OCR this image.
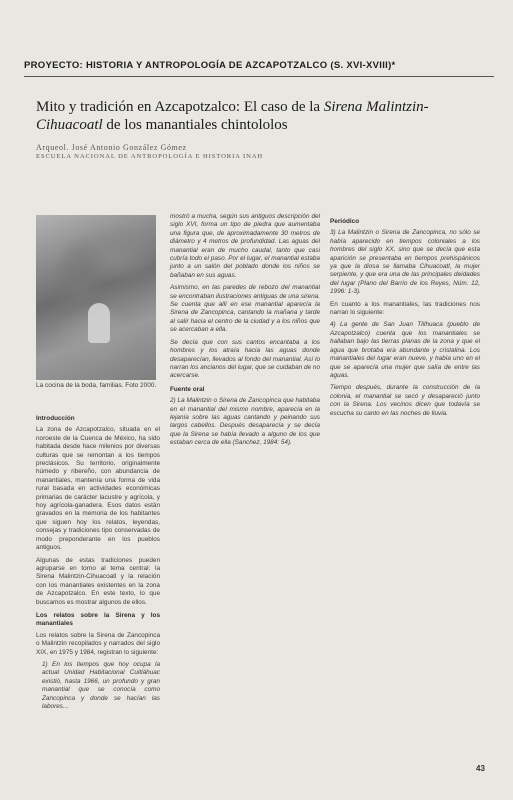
PROYECTO: HISTORIA Y ANTROPOLOGÍA DE AZCAPOTZALCO (S. XVI-XVIII)*
Mito y tradición en Azcapotzalco: El caso de la Sirena Malintzin-Cihuacoatl de los manantiales chintololos
Arqueol. José Antonio González Gómez
ESCUELA NACIONAL DE ANTROPOLOGÍA E HISTORIA INAH
La cocina de la boda, familias. Foto 2000.

Introducción

La zona de Azcapotzalco, situada en el noroeste de la Cuenca de México, ha sido habitada desde hace milenios por diversas culturas que se remontan a los tiempos preclásicos. Su territorio, originalmente húmedo y ribereño, con abundancia de manantiales, mantenía una forma de vida rural basada en actividades económicas primarias de carácter lacustre y agrícola, y hoy agrícola-ganadera. Esos datos están gravados en la memoria de los habitantes que siguen hoy los relatos, leyendas, consejas y tradiciones tipo conservadas de modo preponderante en los pueblos antiguos.

Algunas de estas tradiciones pueden agruparse en torno al tema central: la Sirena Malintzin-Cihuacoatl y la relación con los manantiales existentes en la zona de Azcapotzalco. En este texto, lo que buscamos es mostrar algunos de ellos.

Los relatos sobre la Sirena y los manantiales

Los relatos sobre la Sirena de Zancopinca o Malintzin recopilados y narrados del siglo XIX, en 1975 y 1984, registran lo siguiente:

1) En los tiempos que hoy ocupa la actual Unidad Habitacional Cuitláhuac existió, hasta 1966, un profundo y gran manantial que se conocía como Zancopinca y donde se hacían las labores...

mostró a mucha, según sus antiguos descripción del siglo XVI, forma un tipo de piedra que aumentaba una figura que, de aproximadamente 30 metros de diámetro y 4 metros de profundidad. Las aguas del manantial eran de mucho caudal, tanto que casi cubría todo el paso. Por el lugar, el manantial estaba junto a un salón del poblado donde los niños se bañaban en sus aguas.

Asimismo, en las paredes de rebozo del manantial se encontraban ilustraciones antiguas de una sirena. Se cuenta que allí en ese manantial aparecía la Sirena de Zancopinca, cantando la mañana y tarde al salir hacia el centro de la ciudad y a los niños que se acercaban a ella.

Se decía que con sus cantos encantaba a los hombres y los atraía hacia las aguas donde desaparecían, llevados al fondo del manantial. Así lo narran los ancianos del lugar, que se cuidaban de no acercarse.

Fuente oral

2) La Malintzin o Sirena de Zancopinca que habitaba en el manantial del mismo nombre, aparecía en la lejanía sobre las aguas cantando y peinando sus largos cabellos. Después desaparecía y se decía que la Sirena se había llevado a alguno de los que estaban cerca de ella (Sanchez, 1984: 54).

Periódico

3) La Malintzin o Sirena de Zancopinca, no sólo se había aparecido en tiempos coloniales a los hombres del siglo XX, sino que se decía que esta aparición se presentaba en tiempos prehispánicos ya que la diosa se llamaba Cihuacoatl, la mujer serpiente, y que era una de las principales deidades del lugar (Plano del Barrio de los Reyes, Núm. 12, 1996: 1-3).

En cuanto a los manantiales, las tradiciones nos narran lo siguiente:

4) La gente de San Juan Tlilhuaca (pueblo de Azcapotzalco) cuenta que los manantiales se hallaban bajo las tierras planas de la zona y que el agua que brotaba era abundante y cristalina. Los manantiales del lugar eran nueve, y había uno en el que se aparecía una mujer que salía de entre las aguas.

Tiempo después, durante la construcción de la colonia, el manantial se secó y desapareció junto con la Sirena. Los vecinos dicen que todavía se escucha su canto en las noches de lluvia.

43
